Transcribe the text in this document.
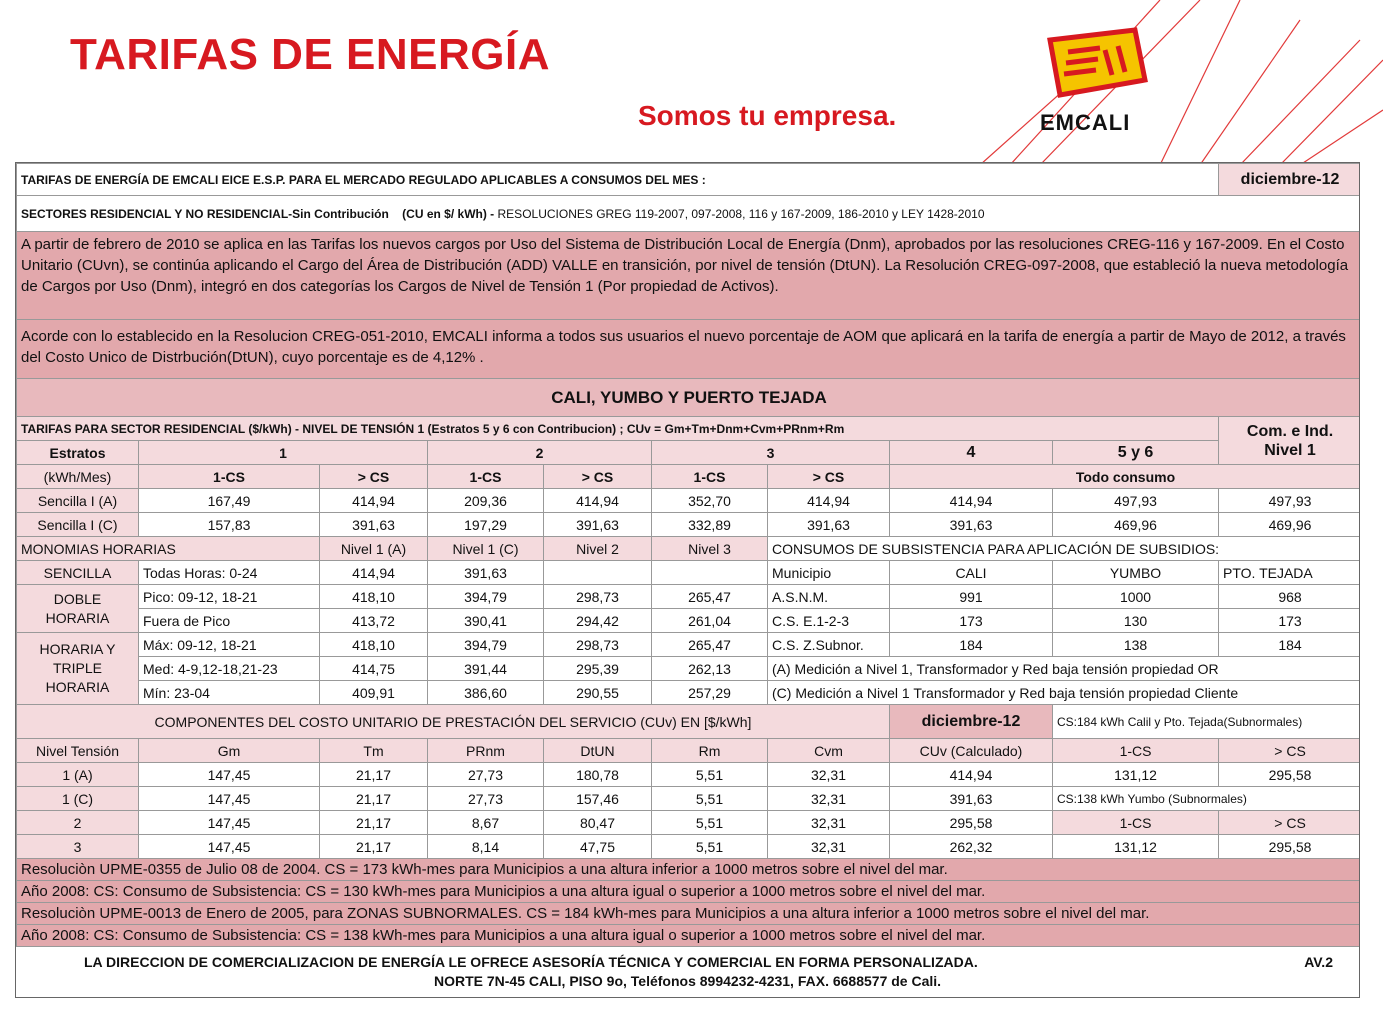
TARIFAS DE ENERGÍA
Somos tu empresa.	EMCALI
TARIFAS DE ENERGÍA DE EMCALI EICE E.S.P. PARA EL MERCADO REGULADO APLICABLES A CONSUMOS DEL MES :									diciembre-12
SECTORES RESIDENCIAL Y NO RESIDENCIAL-Sin Contribución (CU en $/ kWh) - RESOLUCIONES GREG 119-2007, 097-2008, 116 y 167-2009, 186-2010 y LEY 1428-2010									
A partir de febrero de 2010 se aplica en las Tarifas los nuevos cargos por Uso del Sistema de Distribución Local de Energía (Dnm), aprobados por las resoluciones CREG-116 y 167-2009. En el Costo Unitario (CUvn), se continúa aplicando el Cargo del Área de Distribución (ADD) VALLE en transición, por nivel de tensión (DtUN). La Resolución CREG-097-2008, que estableció la nueva metodología de Cargos por Uso (Dnm), integró en dos categorías los Cargos de Nivel de Tensión 1 (Por propiedad de Activos).									
Acorde con lo establecido en la Resolucion CREG-051-2010, EMCALI informa a todos sus usuarios el nuevo porcentaje de AOM que aplicará en la tarifa de energía a partir de Mayo de 2012, a través del Costo Unico de Distrbución(DtUN), cuyo porcentaje es de 4,12% .									
CALI, YUMBO Y PUERTO TEJADA									
TARIFAS PARA SECTOR RESIDENCIAL ($/kWh) - NIVEL DE TENSIÓN 1 (Estratos 5 y 6 con Contribucion) ; CUv = Gm+Tm+Dnm+Cvm+PRnm+Rm									Com. e Ind.
Nivel 1

Estratos	1		2		3		4	5 y 6	
(kWh/Mes)	1-CS	> CS	1-CS	> CS	1-CS	> CS	Todo consumo		
Sencilla I (A)	167,49	414,94	209,36	414,94	352,70	414,94	414,94	497,93	497,93
Sencilla I (C)	157,83	391,63	197,29	391,63	332,89	391,63	391,63	469,96	469,96
MONOMIAS HORARIAS		Nivel 1 (A)	Nivel 1 (C)	Nivel 2	Nivel 3	CONSUMOS DE SUBSISTENCIA PARA APLICACIÓN DE SUBSIDIOS:			
SENCILLA	Todas Horas: 0-24	414,94	391,63			Municipio	CALI	YUMBO	PTO. TEJADA

DOBLE
HORARIA	Pico: 09-12, 18-21	418,10	394,79	298,73	265,47	A.S.N.M.	991	1000	968
	Fuera de Pico	413,72	390,41	294,42	261,04	C.S. E.1-2-3	173	130	173

HORARIA Y
TRIPLE
HORARIA	Máx: 09-12, 18-21	418,10	394,79	298,73	265,47	C.S. Z.Subnor.	184	138	184
	Med: 4-9,12-18,21-23	414,75	391,44	295,39	262,13	(A) Medición a Nivel 1, Transformador y Red baja tensión propiedad OR			
	Mín: 23-04	409,91	386,60	290,55	257,29	(C) Medición a Nivel 1 Transformador y Red baja tensión propiedad Cliente			
COMPONENTES DEL COSTO UNITARIO DE PRESTACIÓN DEL SERVICIO (CUv) EN [$/kWh]							diciembre-12	CS:184 kWh Calil y Pto. Tejada(Subnormales)	
Nivel Tensión	Gm	Tm	PRnm	DtUN	Rm	Cvm	CUv (Calculado)	1-CS	> CS
1 (A)	147,45	21,17	27,73	180,78	5,51	32,31	414,94	131,12	295,58
1 (C)	147,45	21,17	27,73	157,46	5,51	32,31	391,63	CS:138 kWh Yumbo (Subnormales)	
2	147,45	21,17	8,67	80,47	5,51	32,31	295,58	1-CS	> CS
3	147,45	21,17	8,14	47,75	5,51	32,31	262,32	131,12	295,58
Resoluciòn UPME-0355 de Julio 08 de 2004. CS = 173 kWh-mes para Municipios a una altura inferior a 1000 metros sobre el nivel del mar.									
Año 2008: CS: Consumo de Subsistencia: CS = 130 kWh-mes para Municipios a una altura igual o superior a 1000 metros sobre el nivel del mar.									
Resoluciòn UPME-0013 de Enero de 2005, para ZONAS SUBNORMALES. CS = 184 kWh-mes para Municipios a una altura inferior a 1000 metros sobre el nivel del mar.									
Año 2008: CS: Consumo de Subsistencia: CS = 138 kWh-mes para Municipios a una altura igual o superior a 1000 metros sobre el nivel del mar.									
LA DIRECCION DE COMERCIALIZACION DE ENERGÍA LE OFRECE ASESORÍA TÉCNICA Y COMERCIAL EN FORMA PERSONALIZADA.	AV.2
NORTE 7N-45 CALI, PISO 9o, Teléfonos 8994232-4231, FAX. 6688577 de Cali.
